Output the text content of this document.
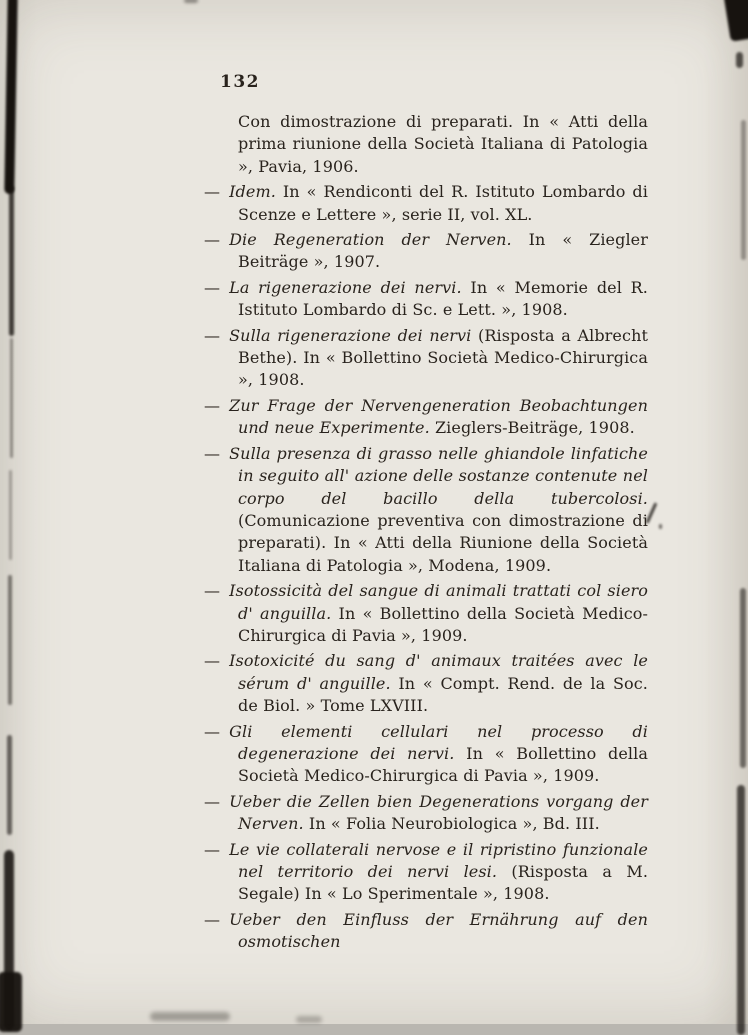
132
Con dimostrazione di preparati. In « Atti della prima riunione della Società Italiana di Patologia », Pavia, 1906.
— Idem. In « Rendiconti del R. Istituto Lombardo di Scenze e Lettere », serie II, vol. XL.
— Die Regeneration der Nerven. In « Ziegler Beiträge », 1907.
— La rigenerazione dei nervi. In « Memorie del R. Istituto Lombardo di Sc. e Lett. », 1908.
— Sulla rigenerazione dei nervi (Risposta a Albrecht Bethe). In « Bollettino Società Medico-Chirurgica », 1908.
— Zur Frage der Nervengeneration Beobachtungen und neue Experimente. Zieglers-Beiträge, 1908.
— Sulla presenza di grasso nelle ghiandole linfatiche in seguito all' azione delle sostanze contenute nel corpo del bacillo della tubercolosi. (Comunicazione preventiva con dimostrazione di preparati). In « Atti della Riunione della Società Italiana di Patologia », Modena, 1909.
— Isotossicità del sangue di animali trattati col siero d' anguilla. In « Bollettino della Società Medico-Chirurgica di Pavia », 1909.
— Isotoxicité du sang d' animaux traitées avec le sérum d' anguille. In « Compt. Rend. de la Soc. de Biol. » Tome LXVIII.
— Gli elementi cellulari nel processo di degenerazione dei nervi. In « Bollettino della Società Medico-Chirurgica di Pavia », 1909.
— Ueber die Zellen bien Degenerations vorgang der Nerven. In « Folia Neurobiologica », Bd. III.
— Le vie collaterali nervose e il ripristino funzionale nel territorio dei nervi lesi. (Risposta a M. Segale) In « Lo Sperimentale », 1908.
— Ueber den Einfluss der Ernährung auf den osmotischen
